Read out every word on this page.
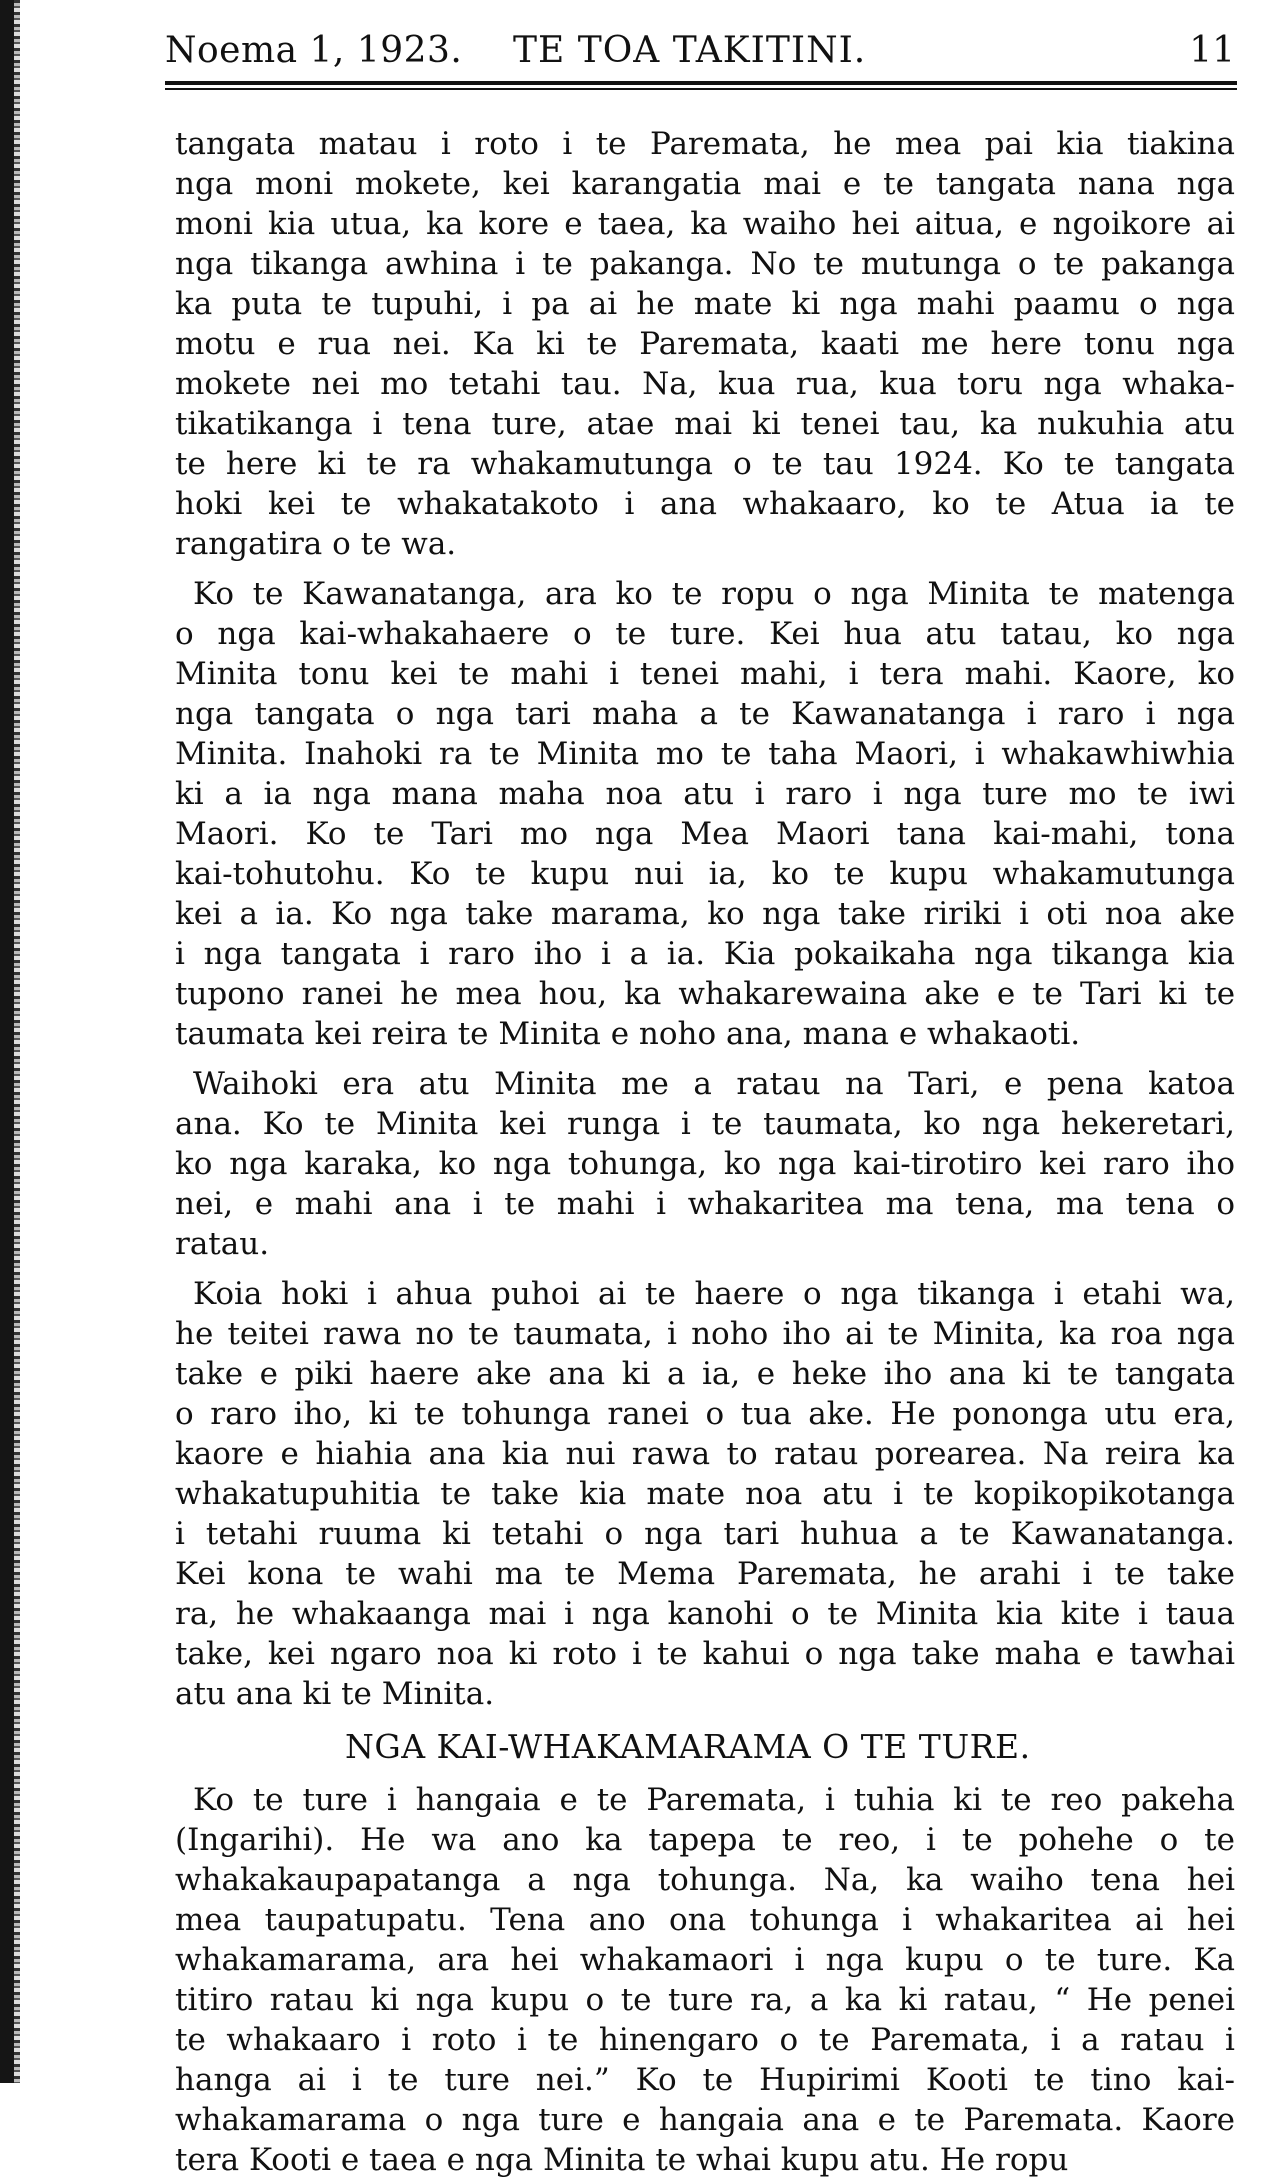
Noema 1, 1923. TE TOA TAKITINI.	11
tangata matau i roto i te Paremata, he mea pai kia tiakina
nga moni mokete, kei karangatia mai e te tangata nana nga
moni kia utua, ka kore e taea, ka waiho hei aitua, e ngoikore ai
nga tikanga awhina i te pakanga. No te mutunga o te pakanga
ka puta te tupuhi, i pa ai he mate ki nga mahi paamu o nga
motu e rua nei. Ka ki te Paremata, kaati me here tonu nga
mokete nei mo tetahi tau. Na, kua rua, kua toru nga whaka-
tikatikanga i tena ture, atae mai ki tenei tau, ka nukuhia atu
te here ki te ra whakamutunga o te tau 1924. Ko te tangata
hoki kei te whakatakoto i ana whakaaro, ko te Atua ia te
rangatira o te wa.
Ko te Kawanatanga, ara ko te ropu o nga Minita te matenga
o nga kai-whakahaere o te ture. Kei hua atu tatau, ko nga
Minita tonu kei te mahi i tenei mahi, i tera mahi. Kaore, ko
nga tangata o nga tari maha a te Kawanatanga i raro i nga
Minita. Inahoki ra te Minita mo te taha Maori, i whakawhiwhia
ki a ia nga mana maha noa atu i raro i nga ture mo te iwi
Maori. Ko te Tari mo nga Mea Maori tana kai-mahi, tona
kai-tohutohu. Ko te kupu nui ia, ko te kupu whakamutunga
kei a ia. Ko nga take marama, ko nga take ririki i oti noa ake
i nga tangata i raro iho i a ia. Kia pokaikaha nga tikanga kia
tupono ranei he mea hou, ka whakarewaina ake e te Tari ki te
taumata kei reira te Minita e noho ana, mana e whakaoti.
Waihoki era atu Minita me a ratau na Tari, e pena katoa
ana. Ko te Minita kei runga i te taumata, ko nga hekeretari,
ko nga karaka, ko nga tohunga, ko nga kai-tirotiro kei raro iho
nei, e mahi ana i te mahi i whakaritea ma tena, ma tena o
ratau.
Koia hoki i ahua puhoi ai te haere o nga tikanga i etahi wa,
he teitei rawa no te taumata, i noho iho ai te Minita, ka roa nga
take e piki haere ake ana ki a ia, e heke iho ana ki te tangata
o raro iho, ki te tohunga ranei o tua ake. He pononga utu era,
kaore e hiahia ana kia nui rawa to ratau porearea. Na reira ka
whakatupuhitia te take kia mate noa atu i te kopikopikotanga
i tetahi ruuma ki tetahi o nga tari huhua a te Kawanatanga.
Kei kona te wahi ma te Mema Paremata, he arahi i te take
ra, he whakaanga mai i nga kanohi o te Minita kia kite i taua
take, kei ngaro noa ki roto i te kahui o nga take maha e tawhai
atu ana ki te Minita.
NGA KAI-WHAKAMARAMA O TE TURE.
Ko te ture i hangaia e te Paremata, i tuhia ki te reo pakeha
(Ingarihi). He wa ano ka tapepa te reo, i te pohehe o te
whakakaupapatanga a nga tohunga. Na, ka waiho tena hei
mea taupatupatu. Tena ano ona tohunga i whakaritea ai hei
whakamarama, ara hei whakamaori i nga kupu o te ture. Ka
titiro ratau ki nga kupu o te ture ra, a ka ki ratau, “ He penei
te whakaaro i roto i te hinengaro o te Paremata, i a ratau i
hanga ai i te ture nei.” Ko te Hupirimi Kooti te tino kai-
whakamarama o nga ture e hangaia ana e te Paremata. Kaore
tera Kooti e taea e nga Minita te whai kupu atu. He ropu
